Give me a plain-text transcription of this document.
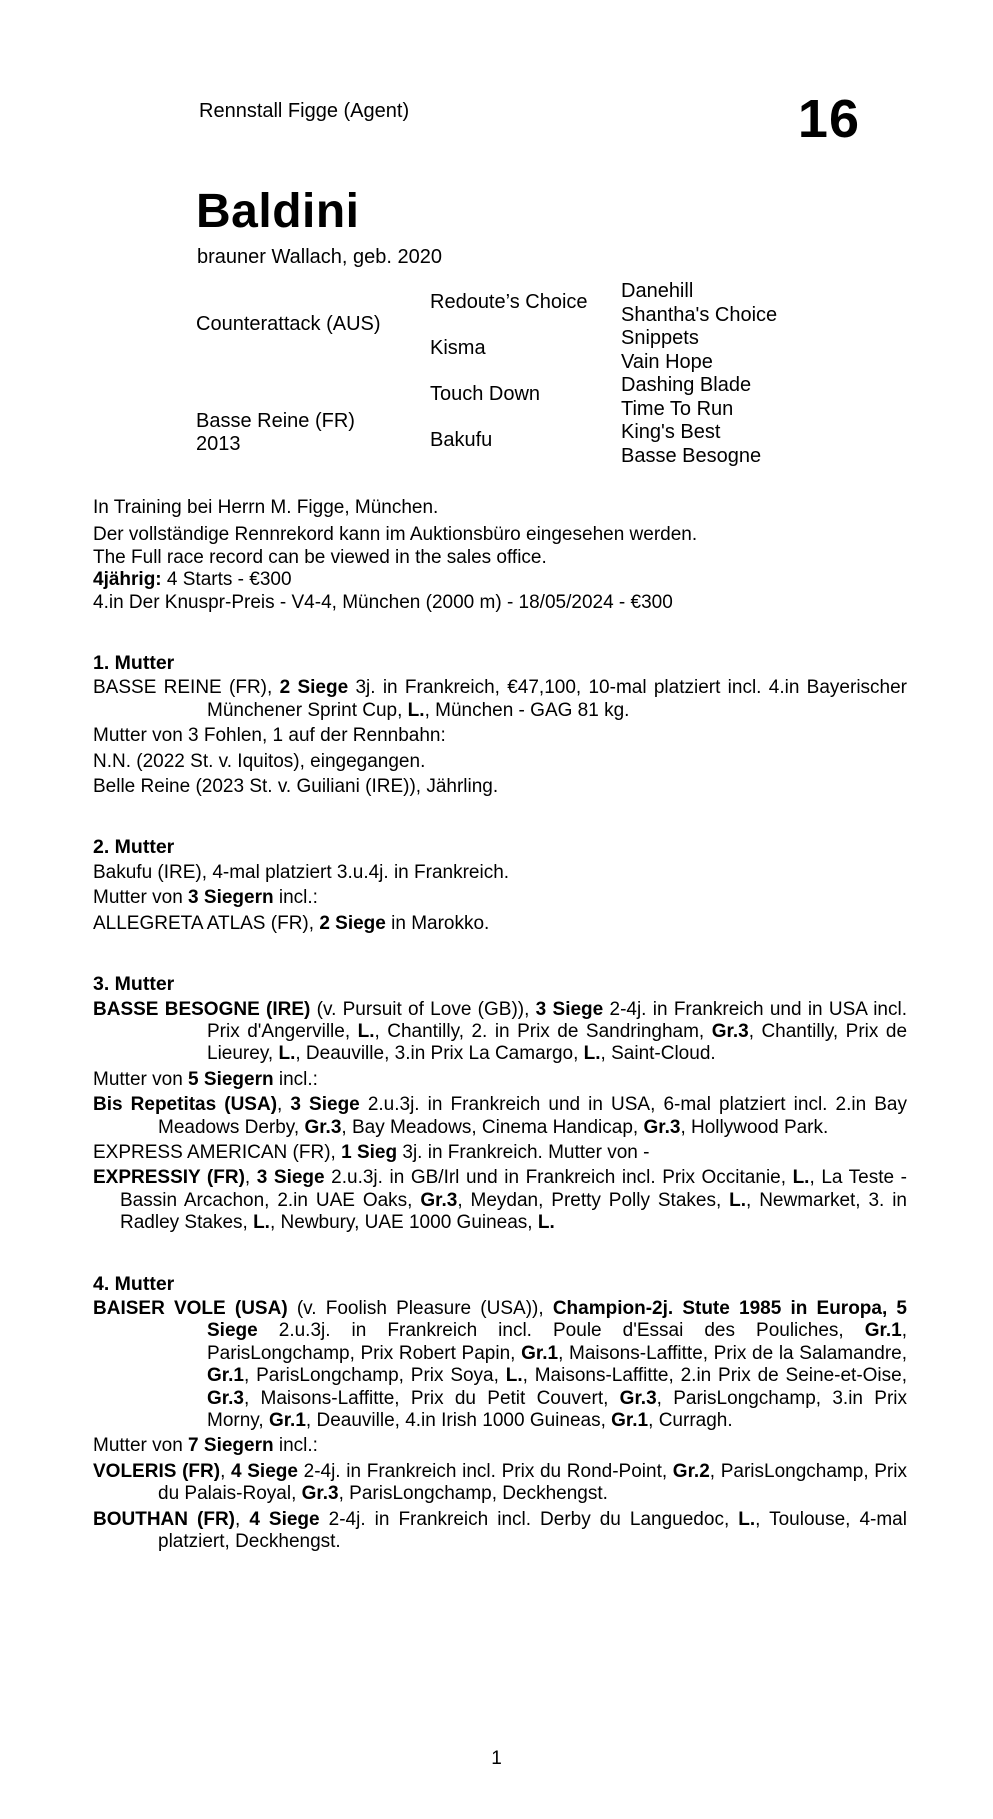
Rennstall Figge (Agent)	16
Baldini
brauner Wallach, geb. 2020
Counterattack (AUS)
Basse Reine (FR)
2013
Redoute’s Choice
Kisma
Touch Down
Bakufu
Danehill
Shantha's Choice
Snippets
Vain Hope
Dashing Blade
Time To Run
King's Best
Basse Besogne

In Training bei Herrn M. Figge, München.

Der vollständige Rennrekord kann im Auktionsbüro eingesehen werden.

The Full race record can be viewed in the sales office.

4jährig: 4 Starts - €300

4.in Der Knuspr-Preis - V4-4, München (2000 m) - 18/05/2024 - €300

1. Mutter

BASSE REINE (FR), 2 Siege 3j. in Frankreich, €47,100, 10-mal platziert incl. 4.in Bayerischer Münchener Sprint Cup, L., München - GAG 81 kg.

Mutter von 3 Fohlen, 1 auf der Rennbahn:

N.N. (2022 St. v. Iquitos), eingegangen.

Belle Reine (2023 St. v. Guiliani (IRE)), Jährling.

2. Mutter

Bakufu (IRE), 4-mal platziert 3.u.4j. in Frankreich.

Mutter von 3 Siegern incl.:

ALLEGRETA ATLAS (FR), 2 Siege in Marokko.

3. Mutter

BASSE BESOGNE (IRE) (v. Pursuit of Love (GB)), 3 Siege 2-4j. in Frankreich und in USA incl. Prix d'Angerville, L., Chantilly, 2. in Prix de Sandringham, Gr.3, Chantilly, Prix de Lieurey, L., Deauville, 3.in Prix La Camargo, L., Saint-Cloud.

Mutter von 5 Siegern incl.:

Bis Repetitas (USA), 3 Siege 2.u.3j. in Frankreich und in USA, 6-mal platziert incl. 2.in Bay Meadows Derby, Gr.3, Bay Meadows, Cinema Handicap, Gr.3, Hollywood Park.

EXPRESS AMERICAN (FR), 1 Sieg 3j. in Frankreich. Mutter von -

EXPRESSIY (FR), 3 Siege 2.u.3j. in GB/Irl und in Frankreich incl. Prix Occitanie, L., La Teste - Bassin Arcachon, 2.in UAE Oaks, Gr.3, Meydan, Pretty Polly Stakes, L., Newmarket, 3. in Radley Stakes, L., Newbury, UAE 1000 Guineas, L.

4. Mutter

BAISER VOLE (USA) (v. Foolish Pleasure (USA)), Champion-2j. Stute 1985 in Europa, 5 Siege 2.u.3j. in Frankreich incl. Poule d'Essai des Pouliches, Gr.1, ParisLongchamp, Prix Robert Papin, Gr.1, Maisons-Laffitte, Prix de la Salamandre, Gr.1, ParisLongchamp, Prix Soya, L., Maisons-Laffitte, 2.in Prix de Seine-et-Oise, Gr.3, Maisons-Laffitte, Prix du Petit Couvert, Gr.3, ParisLongchamp, 3.in Prix Morny, Gr.1, Deauville, 4.in Irish 1000 Guineas, Gr.1, Curragh.

Mutter von 7 Siegern incl.:

VOLERIS (FR), 4 Siege 2-4j. in Frankreich incl. Prix du Rond-Point, Gr.2, ParisLongchamp, Prix du Palais-Royal, Gr.3, ParisLongchamp, Deckhengst.

BOUTHAN (FR), 4 Siege 2-4j. in Frankreich incl. Derby du Languedoc, L., Toulouse, 4-mal platziert, Deckhengst.

1
